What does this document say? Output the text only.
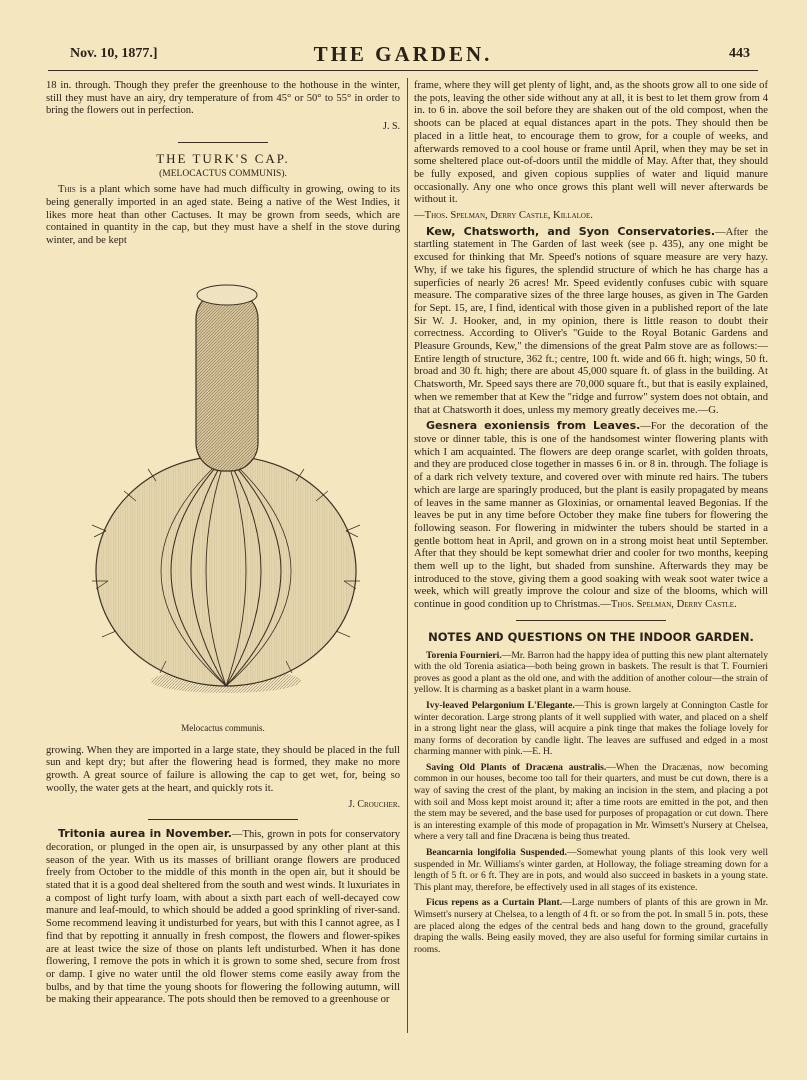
Nov. 10, 1877.]	THE GARDEN.	443

18 in. through. Though they prefer the greenhouse to the hothouse in the winter, still they must have an airy, dry temperature of from 45° or 50° to 55° in order to bring the flowers out in perfection.

J. S.
THE TURK'S CAP.
(MELOCACTUS COMMUNIS).

This is a plant which some have had much difficulty in growing, owing to its being generally imported in an aged state. Being a native of the West Indies, it likes more heat than other Cactuses. It may be grown from seeds, which are contained in quantity in the cap, but they must have a shelf in the stove during winter, and be kept

Melocactus communis.

growing. When they are imported in a large state, they should be placed in the full sun and kept dry; but after the flowering head is formed, they make no more growth. A great source of failure is allowing the cap to get wet, for, being so woolly, the water gets at the heart, and quickly rots it.

J. Croucher.

Tritonia aurea in November.—This, grown in pots for conservatory decoration, or plunged in the open air, is unsurpassed by any other plant at this season of the year. With us its masses of brilliant orange flowers are produced freely from October to the middle of this month in the open air, but it should be stated that it is a good deal sheltered from the south and west winds. It luxuriates in a compost of light turfy loam, with about a sixth part each of well-decayed cow manure and leaf-mould, to which should be added a good sprinkling of river-sand. Some recommend leaving it undisturbed for years, but with this I cannot agree, as I find that by repotting it annually in fresh compost, the flowers and flower-spikes are at least twice the size of those on plants left undisturbed. When it has done flowering, I remove the pots in which it is grown to some shed, secure from frost or damp. I give no water until the old flower stems come easily away from the bulbs, and by that time the young shoots for flowering the following autumn, will be making their appearance. The pots should then be removed to a greenhouse or

frame, where they will get plenty of light, and, as the shoots grow all to one side of the pots, leaving the other side without any at all, it is best to let them grow from 4 in. to 6 in. above the soil before they are shaken out of the old compost, when the shoots can be placed at equal distances apart in the pots. They should then be placed in a little heat, to encourage them to grow, for a couple of weeks, and afterwards removed to a cool house or frame until April, when they may be set in some sheltered place out-of-doors until the middle of May. After that, they should be fully exposed, and given copious supplies of water and liquid manure occasionally. Any one who once grows this plant well will never afterwards be without it.

—Thos. Spelman, Derry Castle, Killaloe.

Kew, Chatsworth, and Syon Conservatories.—After the startling statement in The Garden of last week (see p. 435), any one might be excused for thinking that Mr. Speed's notions of square measure are very hazy. Why, if we take his figures, the splendid structure of which he has charge has a superficies of nearly 26 acres! Mr. Speed evidently confuses cubic with square measure. The comparative sizes of the three large houses, as given in The Garden for Sept. 15, are, I find, identical with those given in a published report of the late Sir W. J. Hooker, and, in my opinion, there is little reason to doubt their correctness. According to Oliver's "Guide to the Royal Botanic Gardens and Pleasure Grounds, Kew," the dimensions of the great Palm stove are as follows:—Entire length of structure, 362 ft.; centre, 100 ft. wide and 66 ft. high; wings, 50 ft. broad and 30 ft. high; there are about 45,000 square ft. of glass in the building. At Chatsworth, Mr. Speed says there are 70,000 square ft., but that is easily explained, when we remember that at Kew the "ridge and furrow" system does not obtain, and that at Chatsworth it does, unless my memory greatly deceives me.—G.

Gesnera exoniensis from Leaves.—For the decoration of the stove or dinner table, this is one of the handsomest winter flowering plants with which I am acquainted. The flowers are deep orange scarlet, with golden throats, and they are produced close together in masses 6 in. or 8 in. through. The foliage is of a dark rich velvety texture, and covered over with minute red hairs. The tubers which are large are sparingly produced, but the plant is easily propagated by means of leaves in the same manner as Gloxinias, or ornamental leaved Begonias. If the leaves be put in any time before October they make fine tubers for flowering the following season. For flowering in midwinter the tubers should be started in a gentle bottom heat in April, and grown on in a strong moist heat until September. After that they should be kept somewhat drier and cooler for two months, keeping them well up to the light, but shaded from sunshine. Afterwards they may be introduced to the stove, giving them a good soaking with weak soot water twice a week, which will greatly improve the colour and size of the blooms, which will continue in good condition up to Christmas.—Thos. Spelman, Derry Castle.

NOTES AND QUESTIONS ON THE INDOOR GARDEN.

Torenia Fournieri.—Mr. Barron had the happy idea of putting this new plant alternately with the old Torenia asiatica—both being grown in baskets. The result is that T. Fournieri proves as good a plant as the old one, and with the addition of another colour—the strain of yellow. It is charming as a basket plant in a warm house.

Ivy-leaved Pelargonium L'Elegante.—This is grown largely at Connington Castle for winter decoration. Large strong plants of it well supplied with water, and placed on a shelf in a strong light near the glass, will acquire a pink tinge that makes the foliage lovely for many forms of decoration by candle light. The leaves are suffused and edged in a most charming manner with pink.—E. H.

Saving Old Plants of Dracæna australis.—When the Dracænas, now becoming common in our houses, become too tall for their quarters, and must be cut down, there is a way of saving the crest of the plant, by making an incision in the stem, and placing a pot with soil and Moss kept moist around it; after a time roots are emitted in the pot, and then the stem may be severed, and the base used for purposes of propagation or cut down. There is an interesting example of this mode of propagation in Mr. Wimsett's Nursery at Chelsea, where a very tall and fine Dracæna is being thus treated.

Beancarnia longifolia Suspended.—Somewhat young plants of this look very well suspended in Mr. Williams's winter garden, at Holloway, the foliage streaming down for a length of 5 ft. or 6 ft. They are in pots, and would also succeed in baskets in a young state. This plant may, therefore, be effectively used in all stages of its existence.

Ficus repens as a Curtain Plant.—Large numbers of plants of this are grown in Mr. Wimsett's nursery at Chelsea, to a length of 4 ft. or so from the pot. In small 5 in. pots, these are placed along the edges of the central beds and hang down to the ground, gracefully draping the walls. Being easily moved, they are also useful for forming similar curtains in rooms.
